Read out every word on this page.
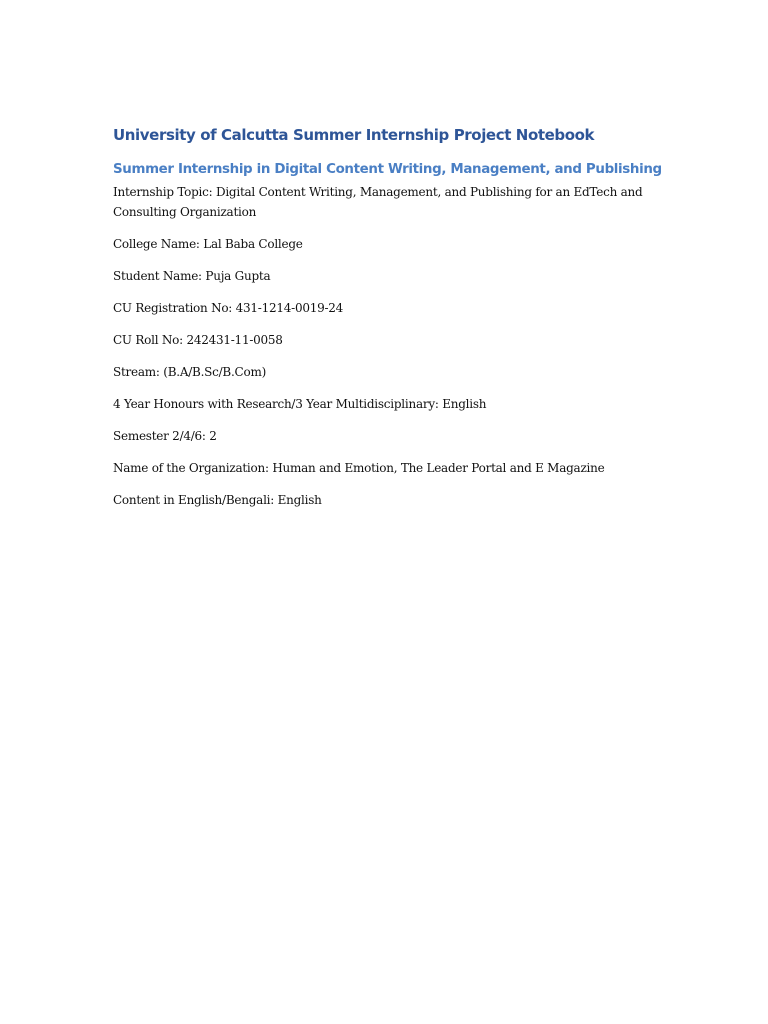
University of Calcutta Summer Internship Project Notebook
Summer Internship in Digital Content Writing, Management, and Publishing

Internship Topic: Digital Content Writing, Management, and Publishing for an EdTech and Consulting Organization

College Name: Lal Baba College

Student Name: Puja Gupta

CU Registration No: 431-1214-0019-24

CU Roll No: 242431-11-0058

Stream: (B.A/B.Sc/B.Com)

4 Year Honours with Research/3 Year Multidisciplinary: English

Semester 2/4/6: 2

Name of the Organization: Human and Emotion, The Leader Portal and E Magazine

Content in English/Bengali: English
